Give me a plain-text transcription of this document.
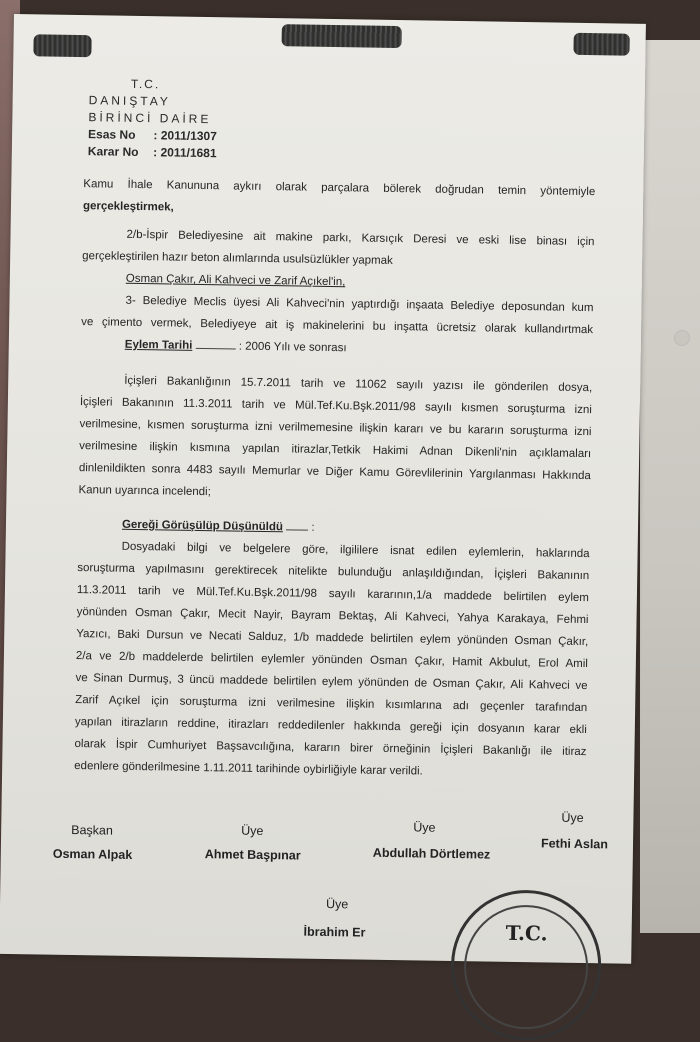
T.C.
DANIŞTAY
BİRİNCİ DAİRE
Esas No : 2011/1307
Karar No : 2011/1681
Kamu İhale Kanununa aykırı olarak parçalara bölerek doğrudan temin yöntemiyle
gerçekleştirmek,
2/b-İspir Belediyesine ait makine parkı, Karsıçık Deresi ve eski lise binası için
gerçekleştirilen hazır beton alımlarında usulsüzlükler yapmak
Osman Çakır, Ali Kahveci ve Zarif Açıkel'in,
3- Belediye Meclis üyesi Ali Kahveci'nin yaptırdığı inşaata Belediye deposundan kum
ve çimento vermek, Belediyeye ait iş makinelerini bu inşatta ücretsiz olarak kullandırtmak
Eylem Tarihi	: 2006 Yılı ve sonrası
İçişleri Bakanlığının 15.7.2011 tarih ve 11062 sayılı yazısı ile gönderilen dosya,
İçişleri Bakanının 11.3.2011 tarih ve Mül.Tef.Ku.Bşk.2011/98 sayılı kısmen soruşturma izni
verilmesine, kısmen soruşturma izni verilmemesine ilişkin kararı ve bu kararın soruşturma izni
verilmesine ilişkin kısmına yapılan itirazlar,Tetkik Hakimi Adnan Dikenli'nin açıklamaları
dinlenildikten sonra 4483 sayılı Memurlar ve Diğer Kamu Görevlilerinin Yargılanması Hakkında
Kanun uyarınca incelendi;
Gereği Görüşülüp Düşünüldü :
Dosyadaki bilgi ve belgelere göre, ilgililere isnat edilen eylemlerin, haklarında
soruşturma yapılmasını gerektirecek nitelikte bulunduğu anlaşıldığından, İçişleri Bakanının
11.3.2011 tarih ve Mül.Tef.Ku.Bşk.2011/98 sayılı kararının,1/a maddede belirtilen eylem
yönünden Osman Çakır, Mecit Nayir, Bayram Bektaş, Ali Kahveci, Yahya Karakaya, Fehmi
Yazıcı, Baki Dursun ve Necati Salduz, 1/b maddede belirtilen eylem yönünden Osman Çakır,
2/a ve 2/b maddelerde belirtilen eylemler yönünden Osman Çakır, Hamit Akbulut, Erol Amil
ve Sinan Durmuş, 3 üncü maddede belirtilen eylem yönünden de Osman Çakır, Ali Kahveci ve
Zarif Açıkel için soruşturma izni verilmesine ilişkin kısımlarına adı geçenler tarafından
yapılan itirazların reddine, itirazları reddedilenler hakkında gereği için dosyanın karar ekli
olarak İspir Cumhuriyet Başsavcılığına, kararın birer örneğinin İçişleri Bakanlığı ile itiraz
edenlere gönderilmesine 1.11.2011 tarihinde oybirliğiyle karar verildi.
Başkan
Osman Alpak
Üye
Ahmet Başpınar
Üye
Abdullah Dörtlemez
Üye
Fethi Aslan
Üye
İbrahim Er	T.C.
